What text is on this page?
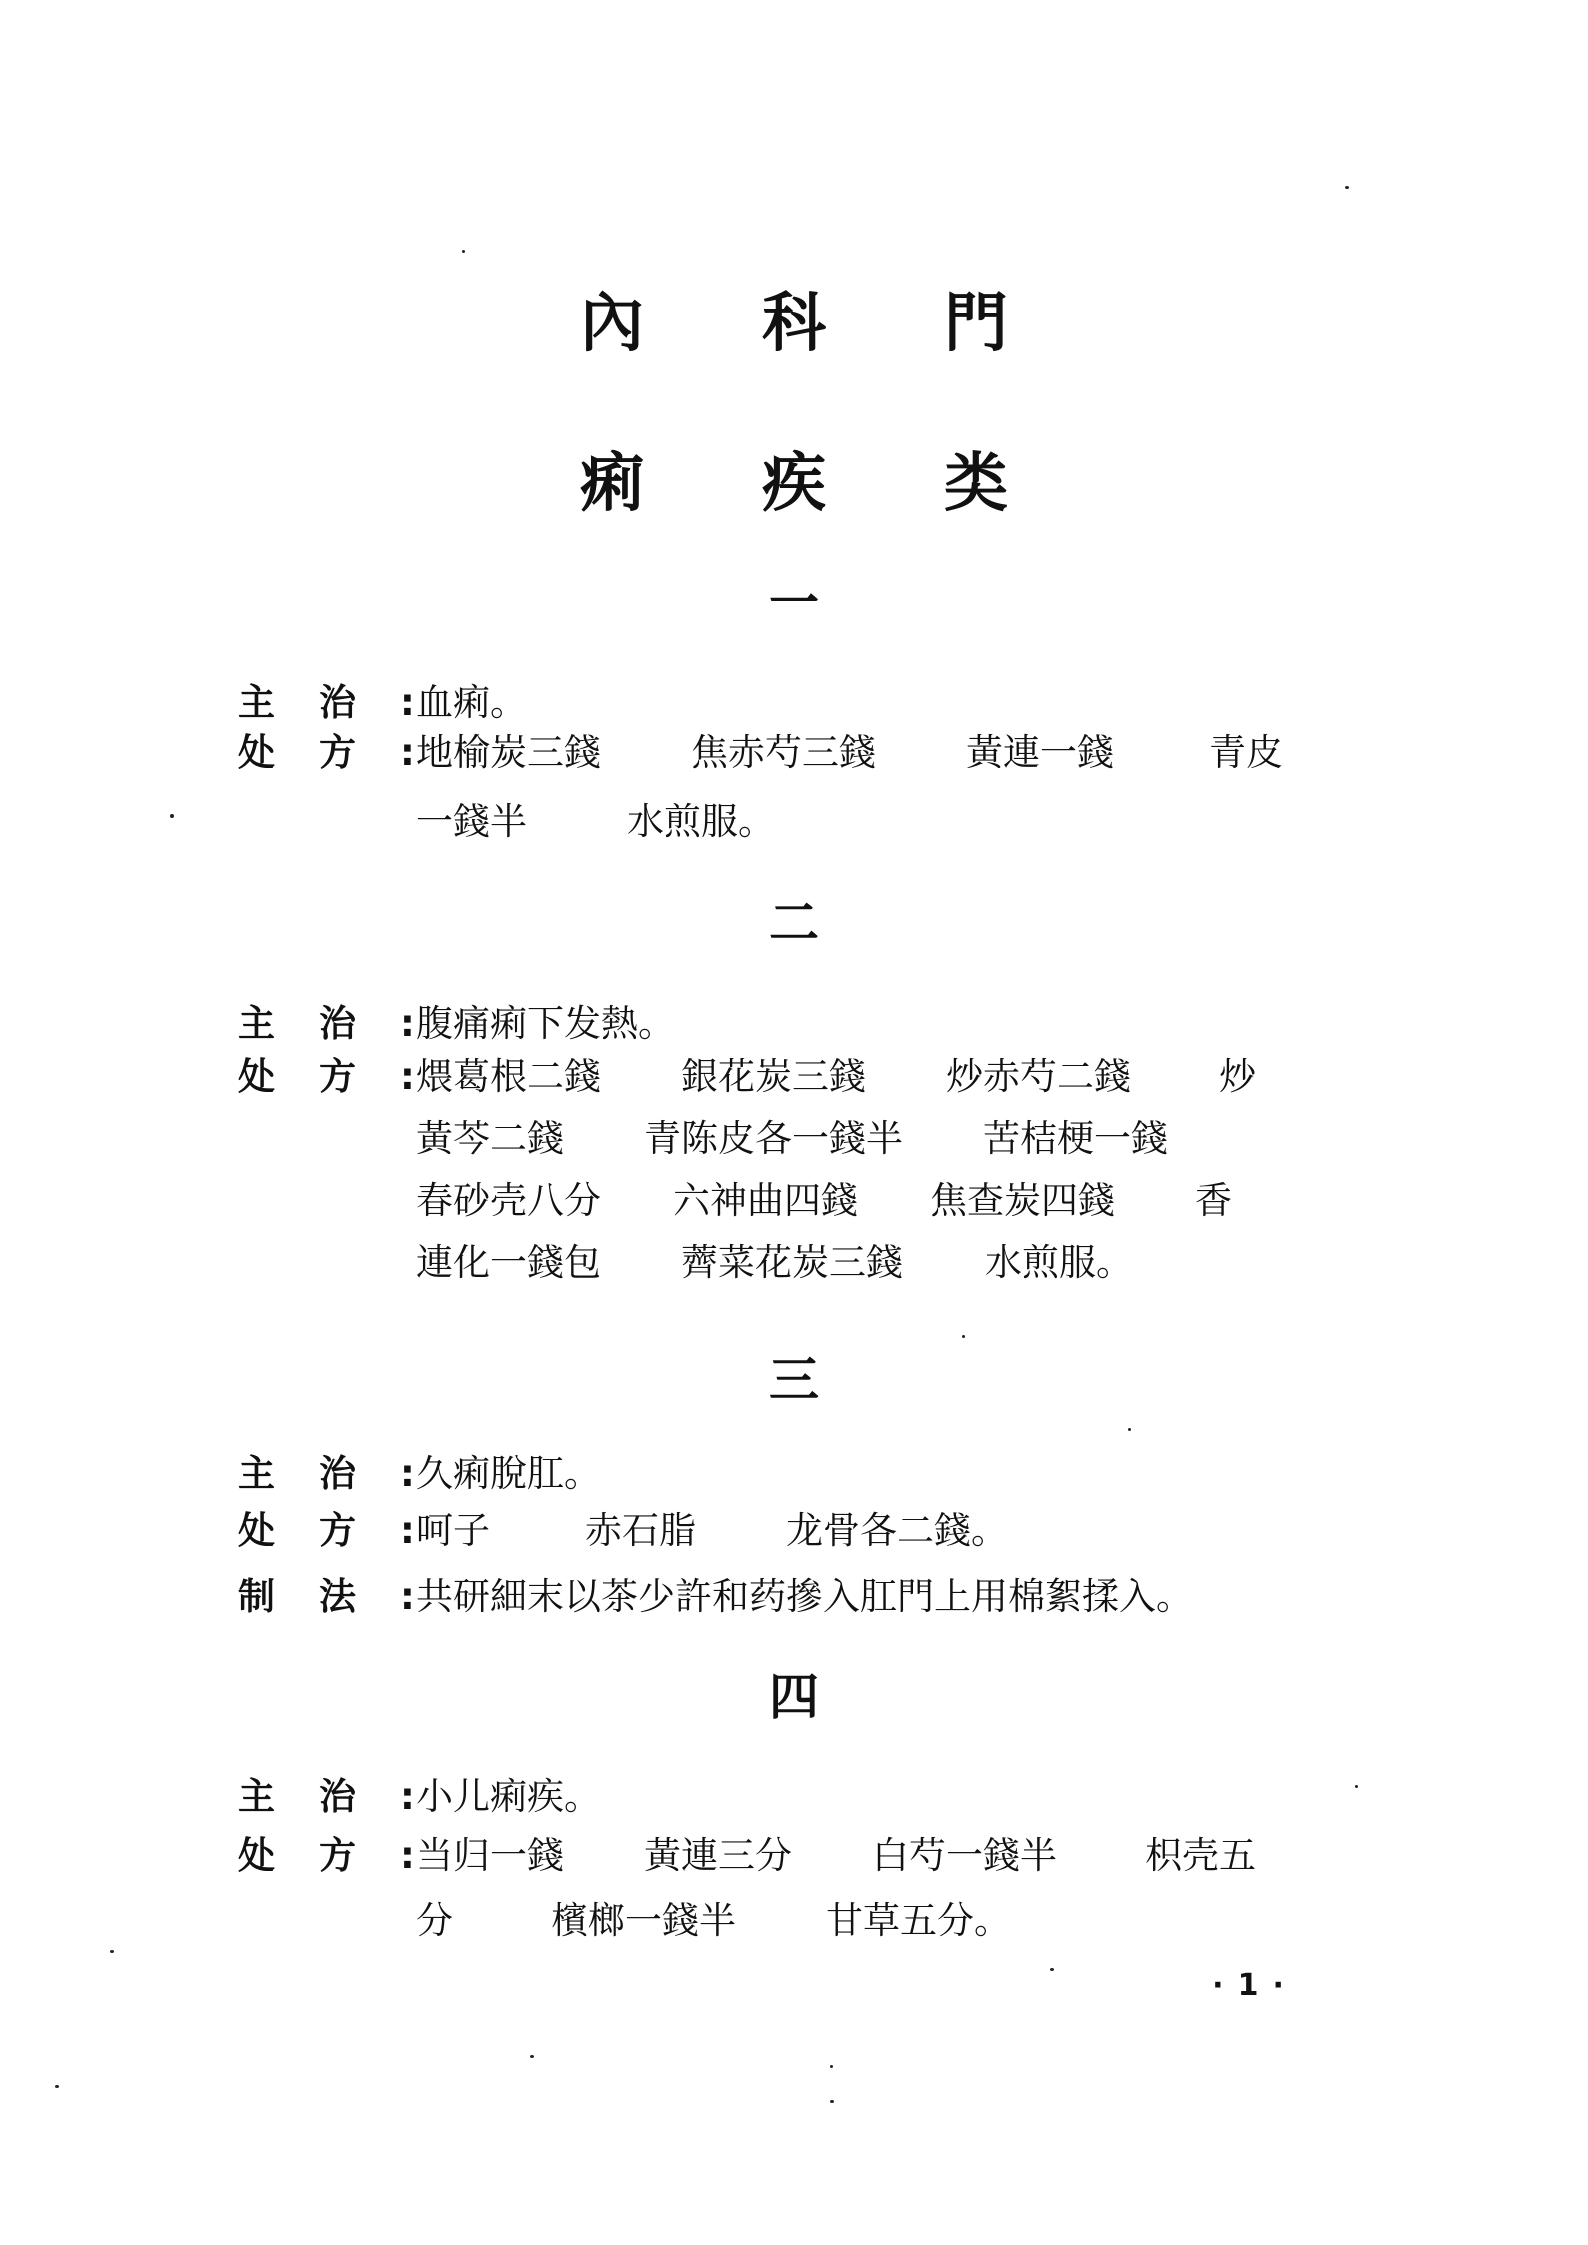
內科門
痢疾类
一
主治:血痢。
处方: 地榆炭三錢 焦赤芍三錢 黃連一錢	青皮
一錢半	水煎服。
二
主治:腹痛痢下发熱。
处方: 煨葛根二錢 銀花炭三錢 炒赤芍二錢 炒
黃芩二錢 青陈皮各一錢半 苦桔梗一錢
春砂壳八分 六神曲四錢 焦查炭四錢 香
連化一錢包 薺菜花炭三錢 水煎服。
三
主治:久痢脫肛。
处方: 呵子	赤石脂 龙骨各二錢。
制法:共研細末以茶少許和药摻入肛門上用棉絮揉入。
四
主治:小儿痢疾。
处方: 当归一錢 黃連三分 白芍一錢半 枳壳五
分	檳榔一錢半 甘草五分。
·1·
